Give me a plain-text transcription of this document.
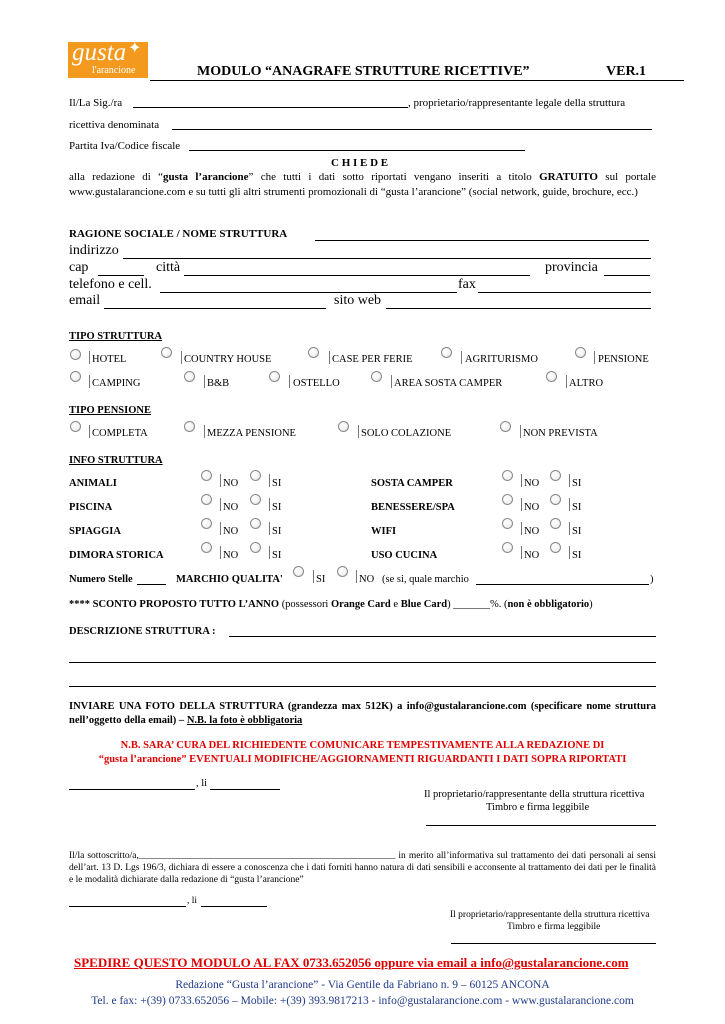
gusta ✦
l'arancione	MODULO “ANAGRAFE STRUTTURE RICETTIVE”	VER.1
Il/La Sig./ra	, proprietario/rappresentante legale della struttura
ricettiva denominata
Partita Iva/Codice fiscale
C H I E D E
alla redazione di “gusta l’arancione” che tutti i dati sotto riportati vengano inseriti a titolo GRATUITO sul portale www.gustalarancione.com e su tutti gli altri strumenti promozionali di “gusta l’arancione” (social network, guide, brochure, ecc.)
RAGIONE SOCIALE / NOME STRUTTURA
indirizzo
cap	città	provincia
telefono e cell.	fax
email	sito web
TIPO STRUTTURA
HOTEL	COUNTRY HOUSE	CASE PER FERIE	AGRITURISMO	PENSIONE
CAMPING	B&B	OSTELLO	AREA SOSTA CAMPER	ALTRO
TIPO PENSIONE
COMPLETA	MEZZA PENSIONE	SOLO COLAZIONE	NON PREVISTA
INFO STRUTTURA
ANIMALI	NO	SI	SOSTA CAMPER	NO	SI
PISCINA	NO	SI	BENESSERE/SPA	NO	SI
SPIAGGIA	NO	SI	WIFI	NO	SI
DIMORA STORICA	NO	SI	USO CUCINA	NO	SI
Numero Stelle	MARCHIO QUALITA'	SI	NO (se si, quale marchio	)
**** SCONTO PROPOSTO TUTTO L’ANNO (possessori Orange Card e Blue Card) _______%. (non è obbligatorio)
DESCRIZIONE STRUTTURA :
INVIARE UNA FOTO DELLA STRUTTURA (grandezza max 512K) a info@gustalarancione.com (specificare nome struttura nell’oggetto della email) – N.B. la foto è obbligatoria
N.B. SARA’ CURA DEL RICHIEDENTE COMUNICARE TEMPESTIVAMENTE ALLA REDAZIONE DI
“gusta l’arancione” EVENTUALI MODIFICHE/AGGIORNAMENTI RIGUARDANTI I DATI SOPRA RIPORTATI
, li
Il proprietario/rappresentante della struttura ricettiva
Timbro e firma leggibile
Il/la sottoscritto/a,______________________________________________________ in merito all’informativa sul trattamento dei dati personali ai sensi dell’art. 13 D. Lgs 196/3, dichiara di essere a conoscenza che i dati forniti hanno natura di dati sensibili e acconsente al trattamento dei dati per le finalità e le modalità dichiarate dalla redazione di “gusta l’arancione”
, li
Il proprietario/rappresentante della struttura ricettiva
Timbro e firma leggibile
SPEDIRE QUESTO MODULO AL FAX 0733.652056 oppure via email a info@gustalarancione.com
Redazione “Gusta l’arancione” - Via Gentile da Fabriano n. 9 – 60125 ANCONA
Tel. e fax: +(39) 0733.652056 – Mobile: +(39) 393.9817213 - info@gustalarancione.com - www.gustalarancione.com
